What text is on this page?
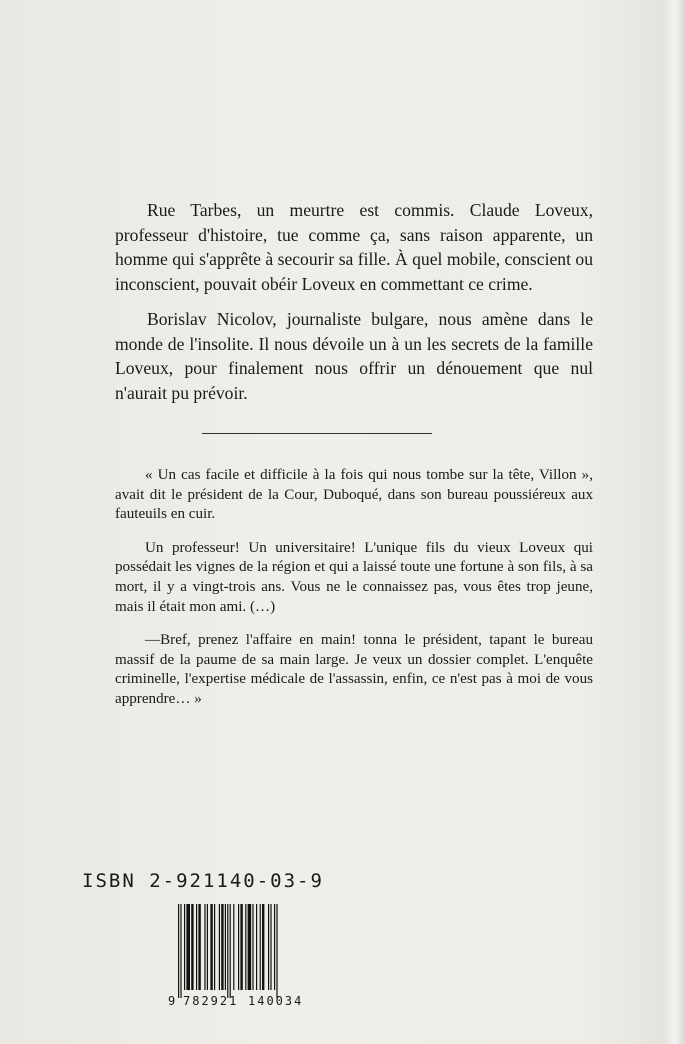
Rue Tarbes, un meurtre est commis. Claude Loveux, professeur d'histoire, tue comme ça, sans raison apparente, un homme qui s'apprête à secourir sa fille. À quel mobile, conscient ou inconscient, pouvait obéir Loveux en commettant ce crime.

Borislav Nicolov, journaliste bulgare, nous amène dans le monde de l'insolite. Il nous dévoile un à un les secrets de la famille Loveux, pour finalement nous offrir un dénouement que nul n'aurait pu prévoir.

« Un cas facile et difficile à la fois qui nous tombe sur la tête, Villon », avait dit le président de la Cour, Duboqué, dans son bureau poussiéreux aux fauteuils en cuir.

Un professeur! Un universitaire! L'unique fils du vieux Loveux qui possédait les vignes de la région et qui a laissé toute une fortune à son fils, à sa mort, il y a vingt-trois ans. Vous ne le connaissez pas, vous êtes trop jeune, mais il était mon ami. (…)

—Bref, prenez l'affaire en main! tonna le président, tapant le bureau massif de la paume de sa main large. Je veux un dossier complet. L'enquête criminelle, l'expertise médicale de l'assassin, enfin, ce n'est pas à moi de vous apprendre… »

ISBN 2-921140-03-9
9 782921 140034
